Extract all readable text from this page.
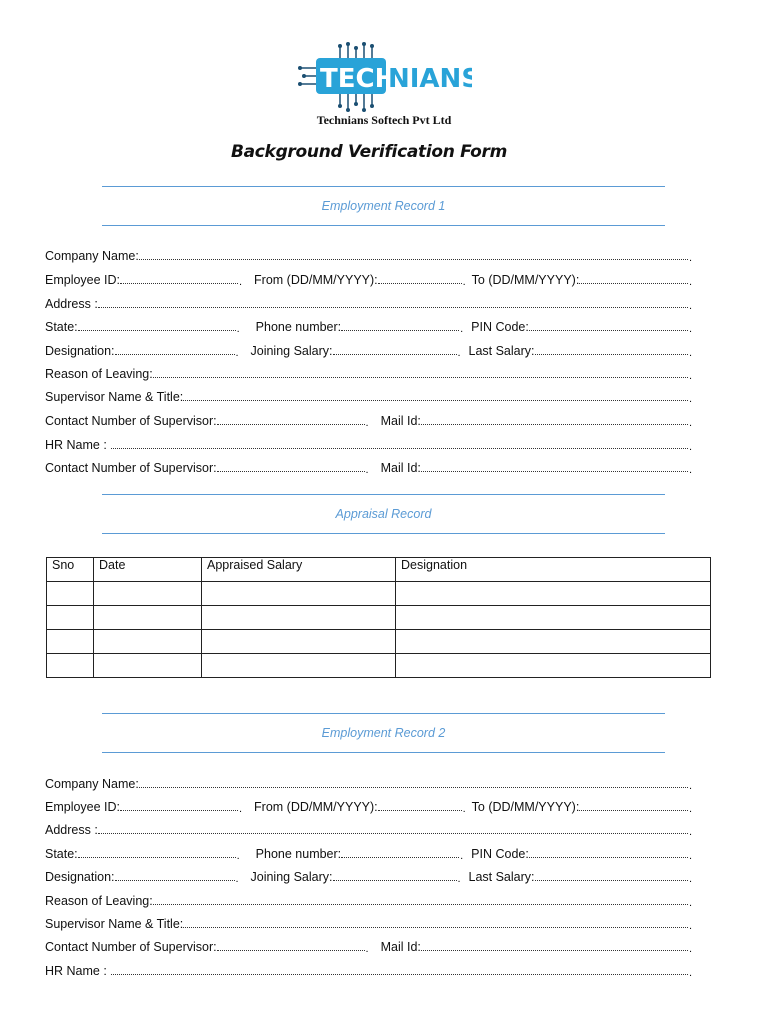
TECH
NIANS
Technians Softech Pvt Ltd
Background Verification Form
Employment Record 1
Company Name:
.
Employee ID: .	From (DD/MM/YYYY): .	To (DD/MM/YYYY):
.
Address :
.
State: .	Phone number: .	PIN Code:
.
Designation: .	Joining Salary: .	Last Salary:
.
Reason of Leaving:
.
Supervisor Name & Title:
.
Contact Number of Supervisor: .	Mail Id:
.
HR Name :
.
Contact Number of Supervisor: .	Mail Id:
.
Appraisal Record
Sno	Date	Appraised Salary	Designation

Employment Record 2
Company Name:
.
Employee ID: .	From (DD/MM/YYYY): .	To (DD/MM/YYYY):
.
Address :
.
State: .	Phone number: .	PIN Code:
.
Designation: .	Joining Salary: .	Last Salary:
.
Reason of Leaving:
.
Supervisor Name & Title:
.
Contact Number of Supervisor: .	Mail Id:
.
HR Name :
.
